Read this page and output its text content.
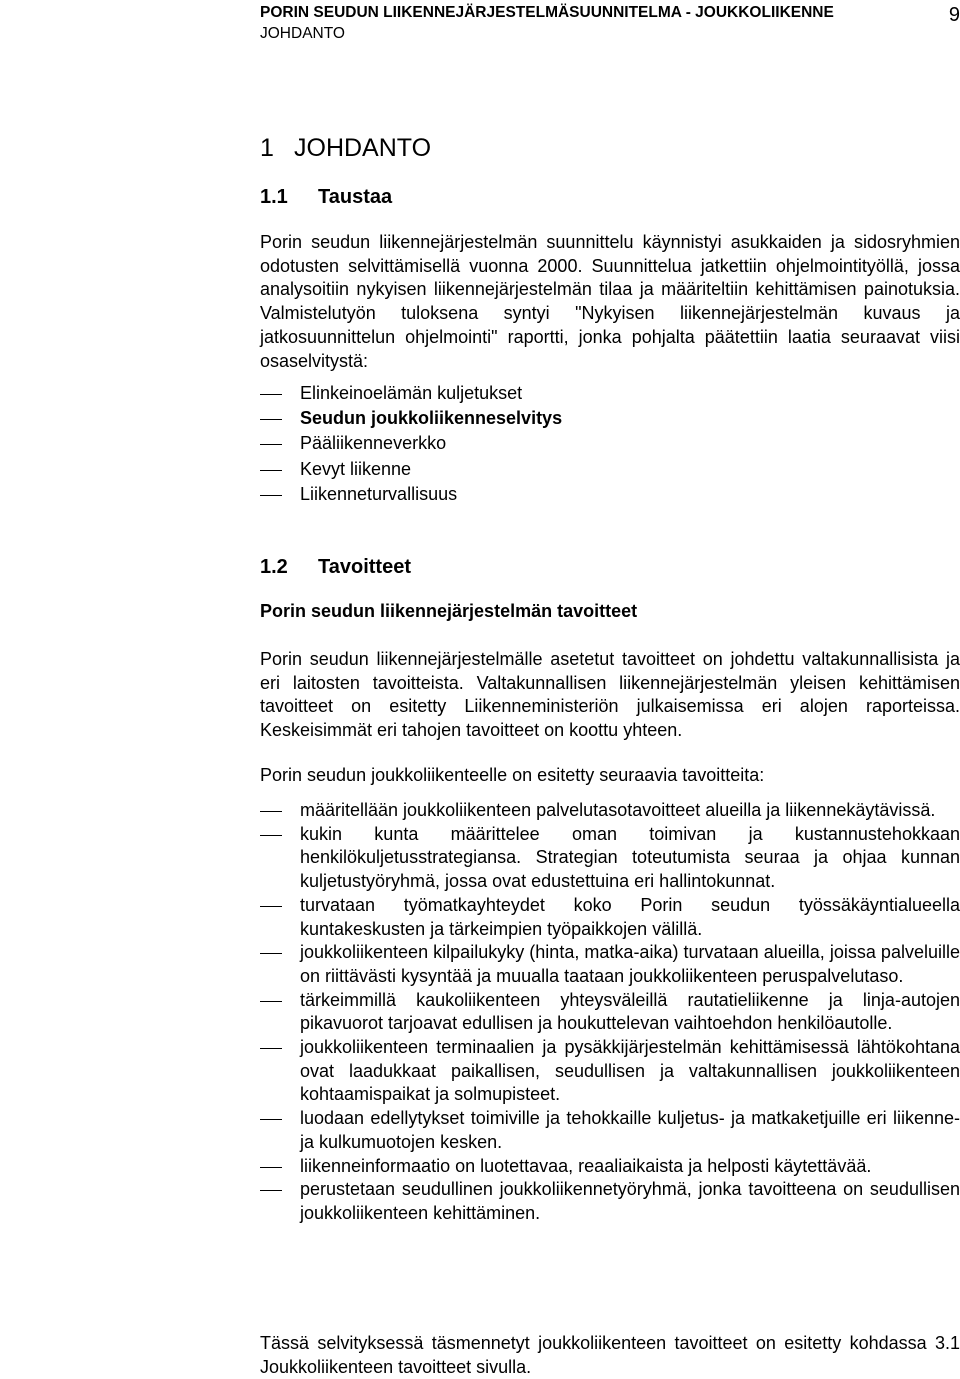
PORIN SEUDUN LIIKENNEJÄRJESTELMÄSUUNNITELMA - JOUKKOLIIKENNE
JOHDANTO
9
1 JOHDANTO
1.1 Taustaa

Porin seudun liikennejärjestelmän suunnittelu käynnistyi asukkaiden ja sidosryhmien odotusten selvittämisellä vuonna 2000. Suunnittelua jatkettiin ohjelmointityöllä, jossa analysoitiin nykyisen liikennejärjestelmän tilaa ja määriteltiin kehittämisen painotuksia. Valmistelutyön tuloksena syntyi "Nykyisen liikennejärjestelmän kuvaus ja jatkosuunnittelun ohjelmointi" raportti, jonka pohjalta päätettiin laatia seuraavat viisi osaselvitystä:

Elinkeinoelämän kuljetukset
Seudun joukkoliikenneselvitys
Pääliikenneverkko
Kevyt liikenne
Liikenneturvallisuus
1.2 Tavoitteet
Porin seudun liikennejärjestelmän tavoitteet

Porin seudun liikennejärjestelmälle asetetut tavoitteet on johdettu valtakunnallisista ja eri laitosten tavoitteista. Valtakunnallisen liikennejärjestelmän yleisen kehittämisen tavoitteet on esitetty Liikenneministeriön julkaisemissa eri alojen raporteissa. Keskeisimmät eri tahojen tavoitteet on koottu yhteen.

Porin seudun joukkoliikenteelle on esitetty seuraavia tavoitteita:

määritellään joukkoliikenteen palvelutasotavoitteet alueilla ja liikennekäytävissä.
kukin kunta määrittelee oman toimivan ja kustannustehokkaan henkilökuljetusstrategiansa. Strategian toteutumista seuraa ja ohjaa kunnan kuljetustyöryhmä, jossa ovat edustettuina eri hallintokunnat.
turvataan työmatkayhteydet koko Porin seudun työssäkäyntialueella kuntakeskusten ja tärkeimpien työpaikkojen välillä.
joukkoliikenteen kilpailukyky (hinta, matka-aika) turvataan alueilla, joissa palveluille on riittävästi kysyntää ja muualla taataan joukkoliikenteen peruspalvelutaso.
tärkeimmillä kaukoliikenteen yhteysväleillä rautatieliikenne ja linja-autojen pikavuorot tarjoavat edullisen ja houkuttelevan vaihtoehdon henkilöautolle.
joukkoliikenteen terminaalien ja pysäkkijärjestelmän kehittämisessä lähtökohtana ovat laadukkaat paikallisen, seudullisen ja valtakunnallisen joukkoliikenteen kohtaamispaikat ja solmupisteet.
luodaan edellytykset toimiville ja tehokkaille kuljetus- ja matkaketjuille eri liikenne- ja kulkumuotojen kesken.
liikenneinformaatio on luotettavaa, reaaliaikaista ja helposti käytettävää.
perustetaan seudullinen joukkoliikennetyöryhmä, jonka tavoitteena on seudullisen joukkoliikenteen kehittäminen.

Tässä selvityksessä täsmennetyt joukkoliikenteen tavoitteet on esitetty kohdassa 3.1 Joukkoliikenteen tavoitteet sivulla.
